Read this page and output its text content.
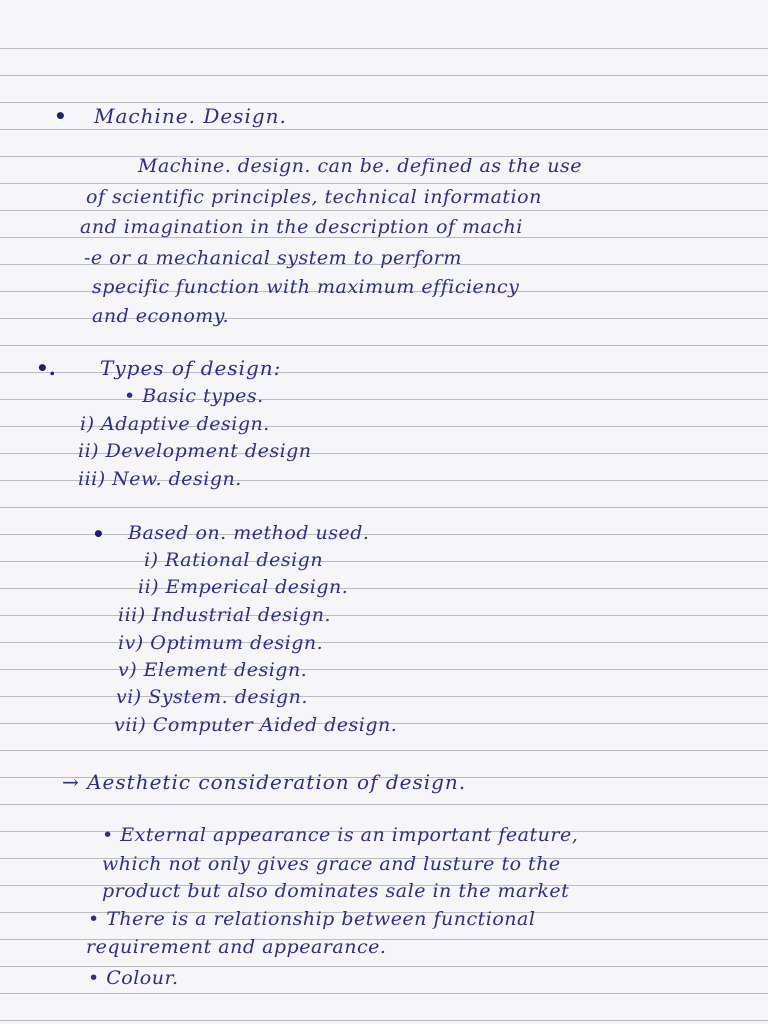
• Machine. Design.
Machine. design. can be. defined as the use
of scientific principles, technical information
and imagination in the description of machi
-e or a mechanical system to perform
specific function with maximum efficiency
and economy.
•. Types of design:
• Basic types.
i) Adaptive design.
ii) Development design
iii) New. design.
• Based on. method used.
i) Rational design
ii) Emperical design.
iii) Industrial design.
iv) Optimum design.
v) Element design.
vi) System. design.
vii) Computer Aided design.
→ Aesthetic consideration of design.
• External appearance is an important feature,
which not only gives grace and lusture to the
product but also dominates sale in the market
• There is a relationship between functional
requirement and appearance.
• Colour.
